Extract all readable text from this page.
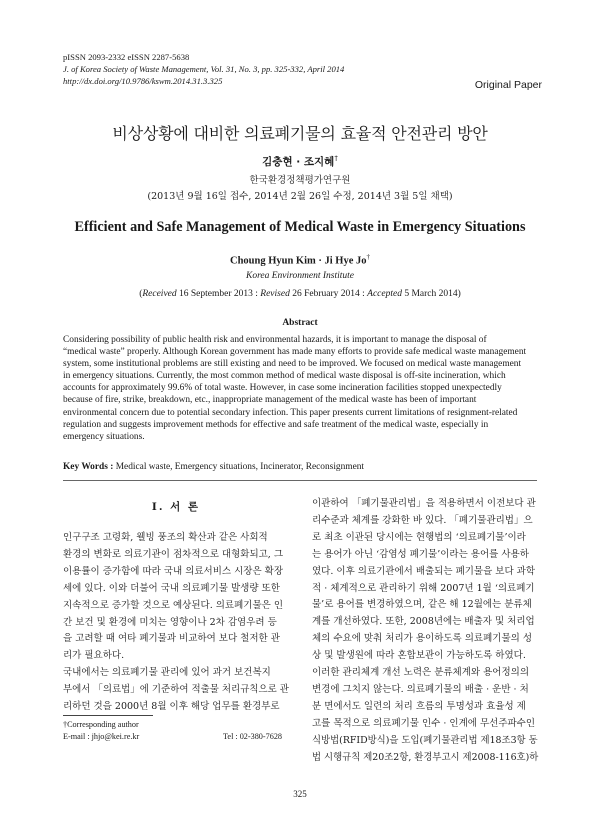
pISSN 2093-2332 eISSN 2287-5638
J. of Korea Society of Waste Management, Vol. 31, No. 3, pp. 325-332, April 2014
http://dx.doi.org/10.9786/kswm.2014.31.3.325	Original Paper
비상상황에 대비한 의료폐기물의 효율적 안전관리 방안
김충현 · 조지혜†
한국환경정책평가연구원
(2013년 9월 16일 접수, 2014년 2월 26일 수정, 2014년 3월 5일 채택)
Efficient and Safe Management of Medical Waste in Emergency Situations
Choung Hyun Kim · Ji Hye Jo†
Korea Environment Institute
(Received 16 September 2013 : Revised 26 February 2014 : Accepted 5 March 2014)
Abstract
Considering possibility of public health risk and environmental hazards, it is important to manage the disposal of
“medical waste” properly. Although Korean government has made many efforts to provide safe medical waste management
system, some institutional problems are still existing and need to be improved. We focused on medical waste management
in emergency situations. Currently, the most common method of medical waste disposal is off-site incineration, which
accounts for approximately 99.6% of total waste. However, in case some incineration facilities stopped unexpectedly
because of fire, strike, breakdown, etc., inappropriate management of the medical waste has been of important
environmental concern due to potential secondary infection. This paper presents current limitations of resignment-related
regulation and suggests improvement methods for effective and safe treatment of the medical waste, especially in
emergency situations.
Key Words : Medical waste, Emergency situations, Incinerator, Reconsignment
I. 서 론
인구구조 고령화, 웰빙 풍조의 확산과 같은 사회적
환경의 변화로 의료기관이 점차적으로 대형화되고, 그
이용률이 증가함에 따라 국내 의료서비스 시장은 확장
세에 있다. 이와 더불어 국내 의료폐기물 발생량 또한
지속적으로 증가할 것으로 예상된다. 의료폐기물은 인
간 보건 및 환경에 미치는 영향이나 2차 감염우려 등
을 고려할 때 여타 폐기물과 비교하여 보다 철저한 관
리가 필요하다.
국내에서는 의료폐기물 관리에 있어 과거 보건복지
부에서 「의료법」에 기준하여 적출물 처리규칙으로 관
리하던 것을 2000년 8월 이후 해당 업무를 환경부로
이관하여 「폐기물관리법」을 적용하면서 이전보다 관
리수준과 체계를 강화한 바 있다. 「폐기물관리법」으
로 최초 이관된 당시에는 현행법의 ‘의료폐기물’이라
는 용어가 아닌 ‘감염성 폐기물’이라는 용어를 사용하
였다. 이후 의료기관에서 배출되는 폐기물을 보다 과학
적 · 체계적으로 관리하기 위해 2007년 1월 ‘의료폐기
물’로 용어를 변경하였으며, 같은 해 12월에는 분류체
계를 개선하였다. 또한, 2008년에는 배출자 및 처리업
체의 수요에 맞춰 처리가 용이하도록 의료폐기물의 성
상 및 발생원에 따라 혼합보관이 가능하도록 하였다.
이러한 관리체계 개선 노력은 분류체계와 용어정의의
변경에 그치지 않는다. 의료폐기물의 배출 · 운반 · 처
분 면에서도 일련의 처리 흐름의 투명성과 효율성 제
고를 목적으로 의료폐기물 인수 · 인계에 무선주파수인
식방법(RFID방식)을 도입(폐기물관리법 제18조3항 동
법 시행규칙 제20조2항, 환경부고시 제2008-116호)하
†Corresponding author
E-mail : jhjo@kei.re.kr	Tel : 02-380-7628
325
